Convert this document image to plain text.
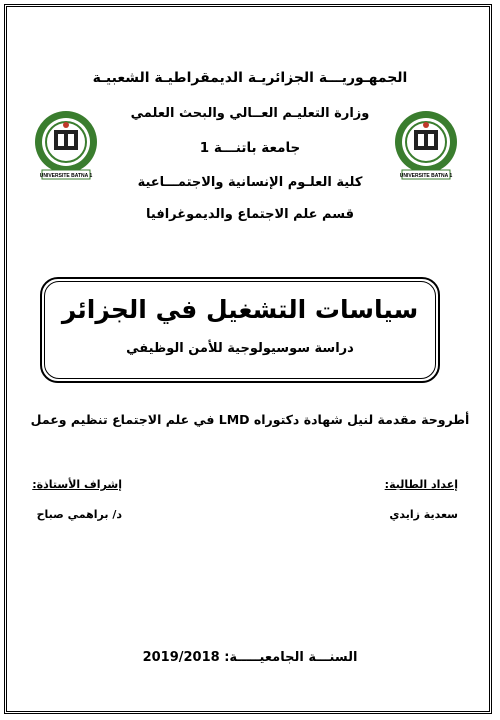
الجمهـوريـــة الجزائريـة الديمقراطيـة الشعبيـة
وزارة التعليـم العــالي والبحث العلمي
جامعة باتنـــة 1
كلية العلـوم الإنسانية والاجتمـــاعية
قسم علم الاجتماع والديموغرافيا
UNIVERSITE BATNA 1	UNIVERSITE BATNA 1
سياسات التشغيل في الجزائر
دراسة سوسيولوجية للأمن الوظيفي
أطروحة مقدمة لنيل شهادة دكتوراه LMD في علم الاجتماع تنظيم وعمل
إعداد الطالبة:
سعدية زايدي
إشراف الأستاذة:
د/ براهمي صباح
السنـــة الجامعيـــــة: 2019/2018
